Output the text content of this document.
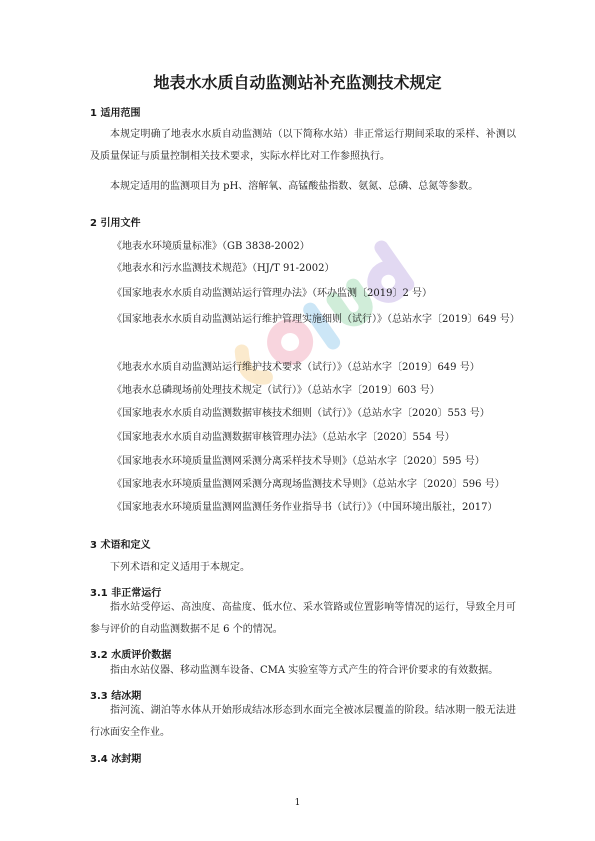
地表水水质自动监测站补充监测技术规定
1 适用范围
本规定明确了地表水水质自动监测站（以下简称水站）非正常运行期间采取的采样、补测以及质量保证与质量控制相关技术要求，实际水样比对工作参照执行。
本规定适用的监测项目为 pH、溶解氧、高锰酸盐指数、氨氮、总磷、总氮等参数。
2 引用文件
《地表水环境质量标准》（GB 3838-2002）
《地表水和污水监测技术规范》（HJ/T 91-2002）
《国家地表水水质自动监测站运行管理办法》（环办监测〔2019〕2 号）
《国家地表水水质自动监测站运行维护管理实施细则（试行）》（总站水字〔2019〕649 号）
《地表水水质自动监测站运行维护技术要求（试行）》（总站水字〔2019〕649 号）
《地表水总磷现场前处理技术规定（试行）》（总站水字〔2019〕603 号）
《国家地表水水质自动监测数据审核技术细则（试行）》（总站水字〔2020〕553 号）
《国家地表水水质自动监测数据审核管理办法》（总站水字〔2020〕554 号）
《国家地表水环境质量监测网采测分离采样技术导则》（总站水字〔2020〕595 号）
《国家地表水环境质量监测网采测分离现场监测技术导则》（总站水字〔2020〕596 号）
《国家地表水环境质量监测网监测任务作业指导书（试行）》（中国环境出版社，2017）
3 术语和定义
下列术语和定义适用于本规定。
3.1 非正常运行
指水站受停运、高浊度、高盐度、低水位、采水管路或位置影响等情况的运行，导致全月可参与评价的自动监测数据不足 6 个的情况。
3.2 水质评价数据
指由水站仪器、移动监测车设备、CMA 实验室等方式产生的符合评价要求的有效数据。
3.3 结冰期
指河流、湖泊等水体从开始形成结冰形态到水面完全被冰层覆盖的阶段。结冰期一般无法进行冰面安全作业。
3.4 冰封期
1
